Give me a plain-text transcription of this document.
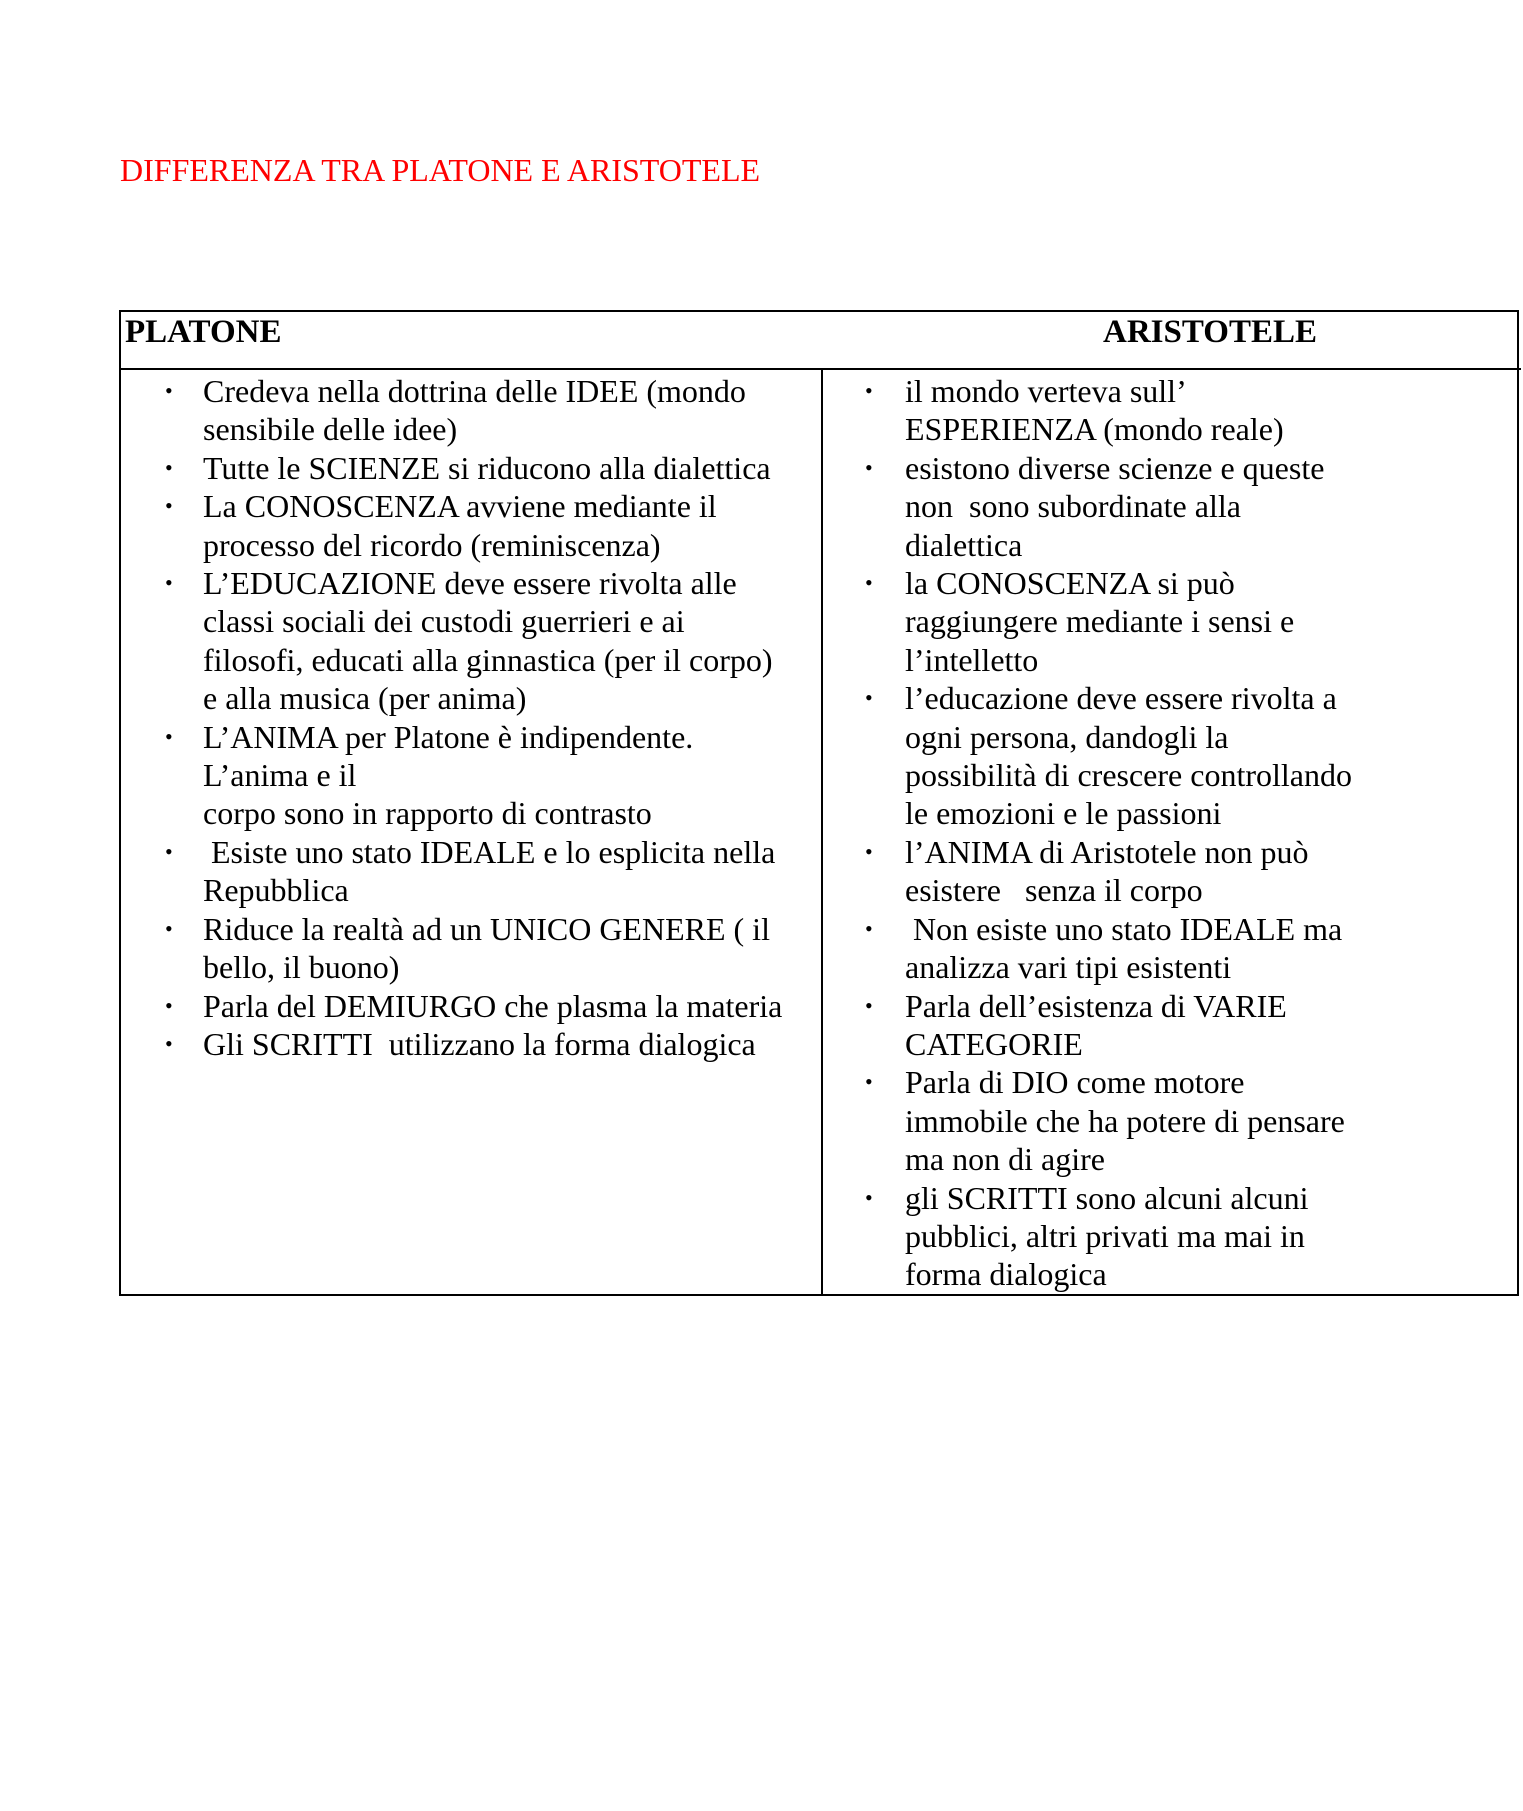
DIFFERENZA TRA PLATONE E ARISTOTELE
PLATONE	ARISTOTELE
• Credeva nella dottrina delle IDEE (mondo
sensibile delle idee)
• Tutte le SCIENZE si riducono alla dialettica
• La CONOSCENZA avviene mediante il
processo del ricordo (reminiscenza)
• L’EDUCAZIONE deve essere rivolta alle
classi sociali dei custodi guerrieri e ai
filosofi, educati alla ginnastica (per il corpo)
e alla musica (per anima)
• L’ANIMA per Platone è indipendente.
L’anima e il
corpo sono in rapporto di contrasto
• Esiste uno stato IDEALE e lo esplicita nella
Repubblica
• Riduce la realtà ad un UNICO GENERE ( il
bello, il buono)
• Parla del DEMIURGO che plasma la materia
• Gli SCRITTI  utilizzano la forma dialogica
• il mondo verteva sull’
ESPERIENZA (mondo reale)
• esistono diverse scienze e queste
non  sono subordinate alla
dialettica
• la CONOSCENZA si può
raggiungere mediante i sensi e
l’intelletto
• l’educazione deve essere rivolta a
ogni persona, dandogli la
possibilità di crescere controllando
le emozioni e le passioni
• l’ANIMA di Aristotele non può
esistere   senza il corpo
• Non esiste uno stato IDEALE ma
analizza vari tipi esistenti
• Parla dell’esistenza di VARIE
CATEGORIE
• Parla di DIO come motore
immobile che ha potere di pensare
ma non di agire
• gli SCRITTI sono alcuni alcuni
pubblici, altri privati ma mai in
forma dialogica
